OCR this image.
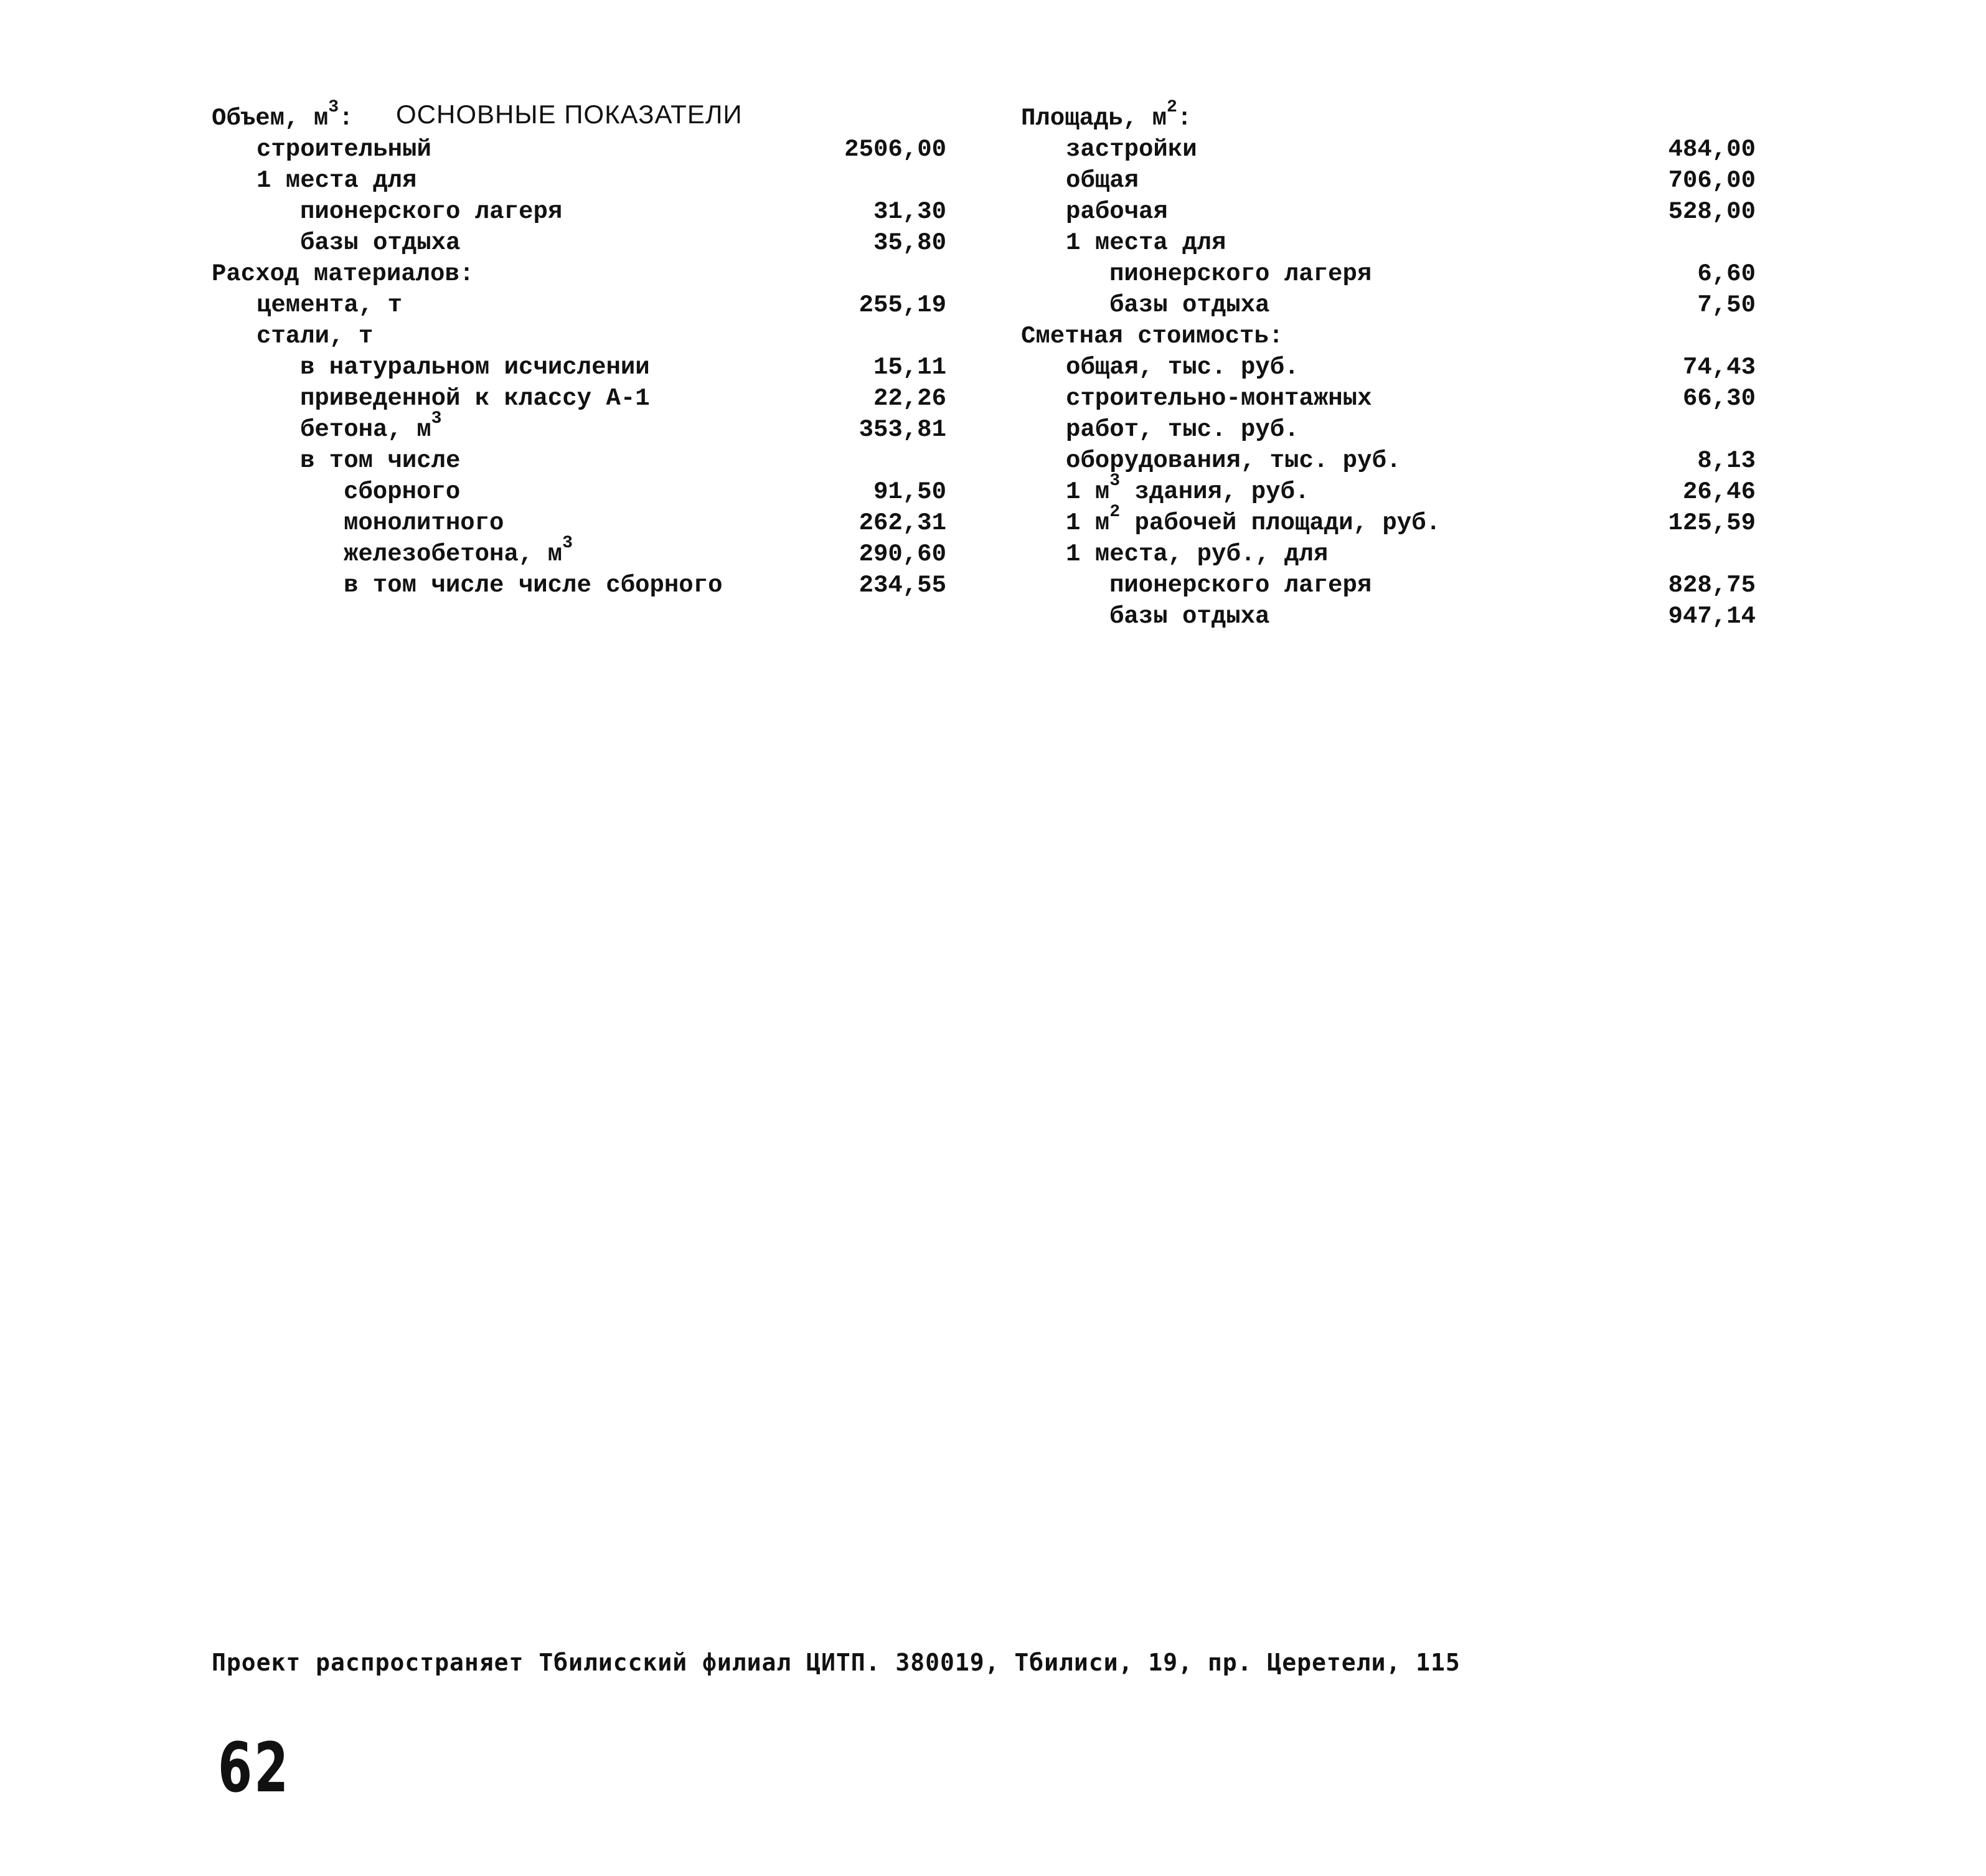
ОСНОВНЫЕ ПОКАЗАТЕЛИ
Объем, $м^3$:
строительный	2506,00
1 места для
пионерского лагеря	31,30
базы отдыха	35,80
Расход материалов:
цемента, т	255,19
стали, т
в натуральном исчислении	15,11
приведенной к классу А-1	22,26
бетона, $м^3$	353,81
в том числе
сборного	91,50
монолитного	262,31
железобетона, $м^3$	290,60
в том числе числе сборного	234,55
Площадь, $м^2$:
застройки	484,00
общая	706,00
рабочая	528,00
1 места для
пионерского лагеря	6,60
базы отдыха	7,50
Сметная стоимость:
общая, тыс. руб.	74,43
строительно-монтажных	66,30
работ, тыс. руб.
оборудования, тыс. руб.	8,13
1 $м^3$ здания, руб.	26,46
1 $м^2$ рабочей площади, руб.	125,59
1 места, руб., для
пионерского лагеря	828,75
базы отдыха	947,14
Проект распространяет Тбилисский филиал ЦИТП. 380019, Тбилиси, 19, пр. Церетели, 115
62
